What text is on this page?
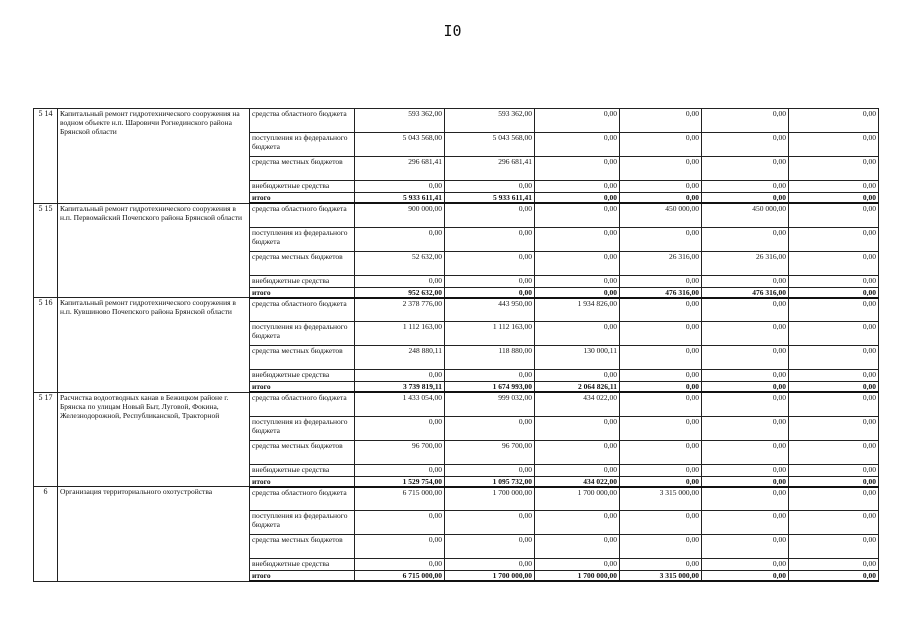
I0
5 14	Капитальный ремонт гидротехнического сооружения на водном объекте н.п. Шаровичи Рогнединского района Брянской области	средства областного бюджета	593 362,00	593 362,00	0,00	0,00	0,00	0,00
		поступления из федерального бюджета	5 043 568,00	5 043 568,00	0,00	0,00	0,00	0,00
		средства местных бюджетов	296 681,41	296 681,41	0,00	0,00	0,00	0,00
		внебюджетные средства	0,00	0,00	0,00	0,00	0,00	0,00
		итого	5 933 611,41	5 933 611,41	0,00	0,00	0,00	0,00
5 15	Капитальный ремонт гидротехнического сооружения в н.п. Первомайский Почепского района Брянской области	средства областного бюджета	900 000,00	0,00	0,00	450 000,00	450 000,00	0,00
		поступления из федерального бюджета	0,00	0,00	0,00	0,00	0,00	0,00
		средства местных бюджетов	52 632,00	0,00	0,00	26 316,00	26 316,00	0,00
		внебюджетные средства	0,00	0,00	0,00	0,00	0,00	0,00
		итого	952 632,00	0,00	0,00	476 316,00	476 316,00	0,00
5 16	Капитальный ремонт гидротехнического сооружения в н.п. Кувшиново Почепского района Брянской области	средства областного бюджета	2 378 776,00	443 950,00	1 934 826,00	0,00	0,00	0,00
		поступления из федерального бюджета	1 112 163,00	1 112 163,00	0,00	0,00	0,00	0,00
		средства местных бюджетов	248 880,11	118 880,00	130 000,11	0,00	0,00	0,00
		внебюджетные средства	0,00	0,00	0,00	0,00	0,00	0,00
		итого	3 739 819,11	1 674 993,00	2 064 826,11	0,00	0,00	0,00
5 17	Расчистка водоотводных канав в Бежицком районе г. Брянска по улицам Новый Быт, Луговой, Фокина, Железнодорожной, Республиканской, Тракторной	средства областного бюджета	1 433 054,00	999 032,00	434 022,00	0,00	0,00	0,00
		поступления из федерального бюджета	0,00	0,00	0,00	0,00	0,00	0,00
		средства местных бюджетов	96 700,00	96 700,00	0,00	0,00	0,00	0,00
		внебюджетные средства	0,00	0,00	0,00	0,00	0,00	0,00
		итого	1 529 754,00	1 095 732,00	434 022,00	0,00	0,00	0,00
6	Организация территориального охотустройства	средства областного бюджета	6 715 000,00	1 700 000,00	1 700 000,00	3 315 000,00	0,00	0,00
		поступления из федерального бюджета	0,00	0,00	0,00	0,00	0,00	0,00
		средства местных бюджетов	0,00	0,00	0,00	0,00	0,00	0,00
		внебюджетные средства	0,00	0,00	0,00	0,00	0,00	0,00
		итого	6 715 000,00	1 700 000,00	1 700 000,00	3 315 000,00	0,00	0,00
